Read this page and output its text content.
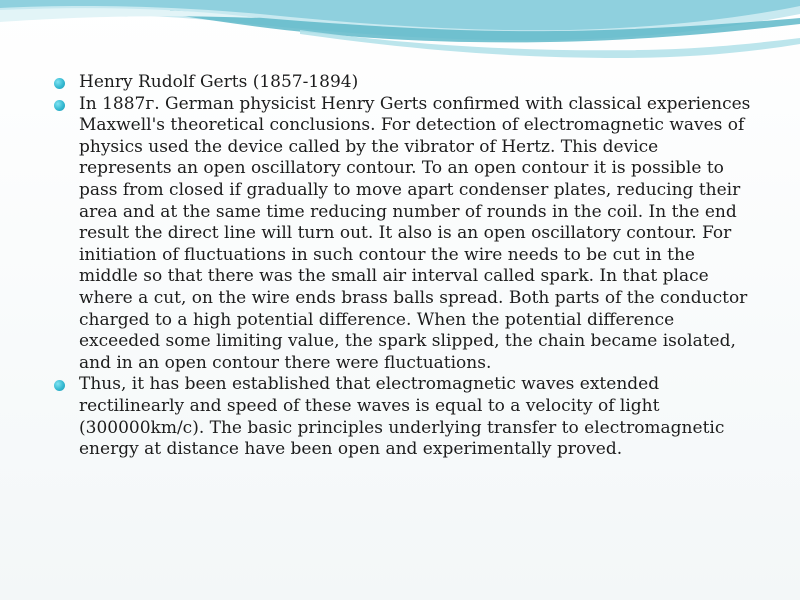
Henry Rudolf Gerts (1857-1894)
In 1887г. German physicist Henry Gerts confirmed with classical experiences Maxwell's theoretical conclusions. For detection of electromagnetic waves of physics used the device called by the vibrator of Hertz. This device represents an open oscillatory contour. To an open contour it is possible to pass from closed if gradually to move apart condenser plates, reducing their area and at the same time reducing number of rounds in the coil. In the end result the direct line will turn out. It also is an open oscillatory contour. For initiation of fluctuations in such contour the wire needs to be cut in the middle so that there was the small air interval called spark. In that place where a cut, on the wire ends brass balls spread. Both parts of the conductor charged to a high potential difference. When the potential difference exceeded some limiting value, the spark slipped, the chain became isolated, and in an open contour there were fluctuations.
Thus, it has been established that electromagnetic waves extended rectilinearly and speed of these waves is equal to a velocity of light (300000km/c). The basic principles underlying transfer to electromagnetic energy at distance have been open and experimentally proved.
